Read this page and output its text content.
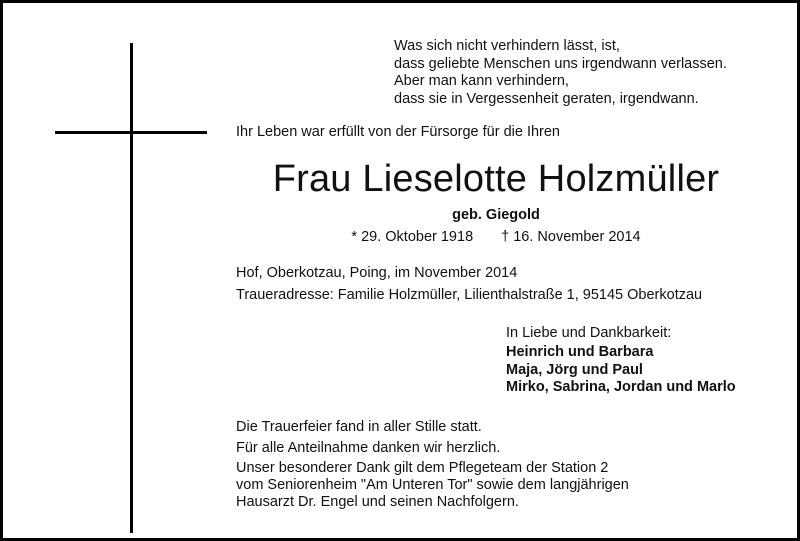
Was sich nicht verhindern lässt, ist,
dass geliebte Menschen uns irgendwann verlassen.
Aber man kann verhindern,
dass sie in Vergessenheit geraten, irgendwann.
Ihr Leben war erfüllt von der Fürsorge für die Ihren
Frau Lieselotte Holzmüller
geb. Giegold
* 29. Oktober 1918 † 16. November 2014
Hof, Oberkotzau, Poing, im November 2014
Traueradresse: Familie Holzmüller, Lilienthalstraße 1, 95145 Oberkotzau
In Liebe und Dankbarkeit:
Heinrich und Barbara
Maja, Jörg und Paul
Mirko, Sabrina, Jordan und Marlo
Die Trauerfeier fand in aller Stille statt.
Für alle Anteilnahme danken wir herzlich.
Unser besonderer Dank gilt dem Pflegeteam der Station 2
vom Seniorenheim "Am Unteren Tor" sowie dem langjährigen
Hausarzt Dr. Engel und seinen Nachfolgern.
